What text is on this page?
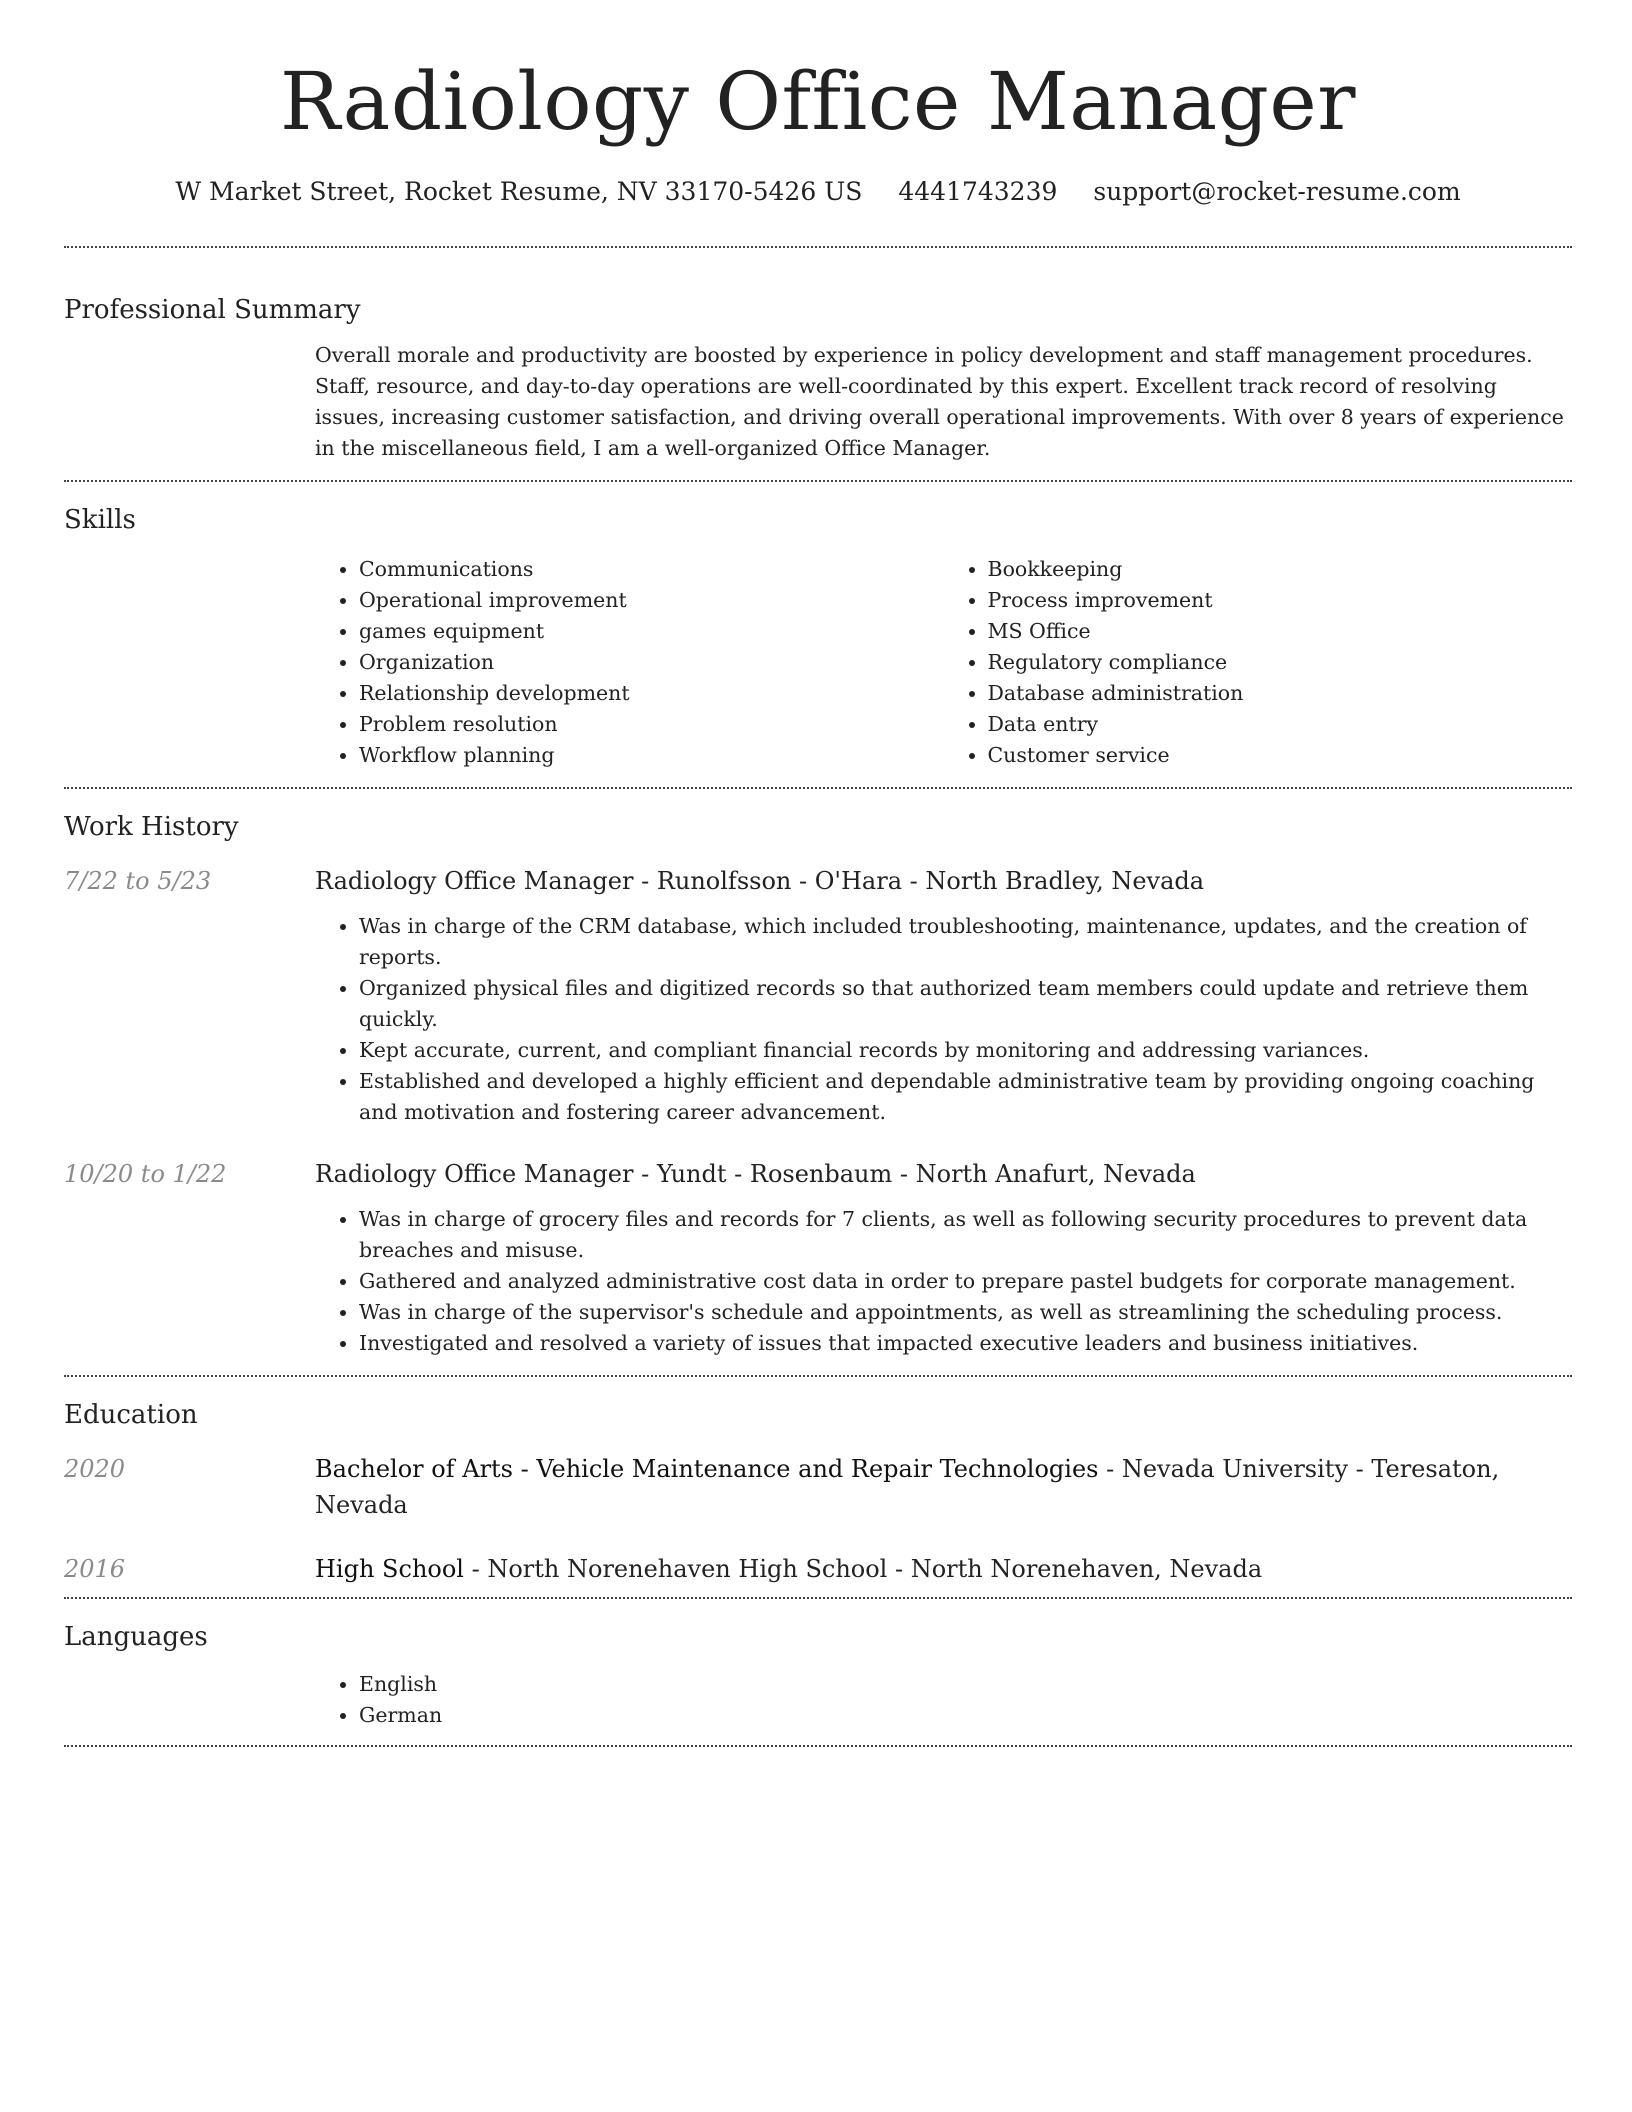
Radiology Office Manager
W Market Street, Rocket Resume, NV 33170-5426 US 4441743239 support@rocket-resume.com
Professional Summary
Overall morale and productivity are boosted by experience in policy development and staff management procedures. Staff, resource, and day-to-day operations are well-coordinated by this expert. Excellent track record of resolving issues, increasing customer satisfaction, and driving overall operational improvements. With over 8 years of experience in the miscellaneous field, I am a well-organized Office Manager.
Skills
• Communications
• Operational improvement
• games equipment
• Organization
• Relationship development
• Problem resolution
• Workflow planning
• Bookkeeping
• Process improvement
• MS Office
• Regulatory compliance
• Database administration
• Data entry
• Customer service
Work History
7/22 to 5/23	Radiology Office Manager - Runolfsson - O'Hara - North Bradley, Nevada
• Was in charge of the CRM database, which included troubleshooting, maintenance, updates, and the creation of reports.
• Organized physical files and digitized records so that authorized team members could update and retrieve them quickly.
• Kept accurate, current, and compliant financial records by monitoring and addressing variances.
• Established and developed a highly efficient and dependable administrative team by providing ongoing coaching and motivation and fostering career advancement.
10/20 to 1/22	Radiology Office Manager - Yundt - Rosenbaum - North Anafurt, Nevada
• Was in charge of grocery files and records for 7 clients, as well as following security procedures to prevent data breaches and misuse.
• Gathered and analyzed administrative cost data in order to prepare pastel budgets for corporate management.
• Was in charge of the supervisor's schedule and appointments, as well as streamlining the scheduling process.
• Investigated and resolved a variety of issues that impacted executive leaders and business initiatives.
Education
2020	Bachelor of Arts - Vehicle Maintenance and Repair Technologies - Nevada University - Teresaton, Nevada
2016	High School - North Norenehaven High School - North Norenehaven, Nevada
Languages
• English
• German
